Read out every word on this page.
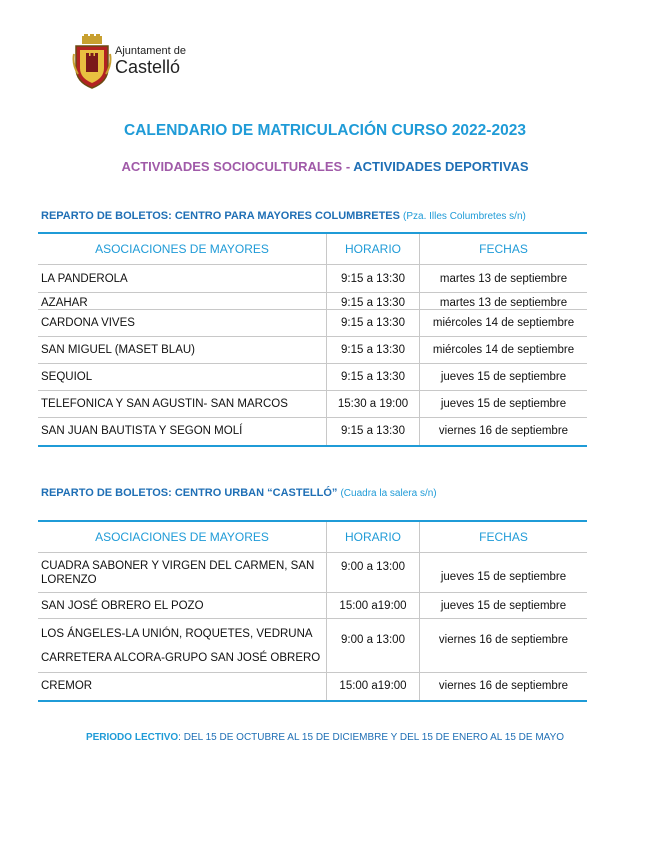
Ajuntament de
Castelló
CALENDARIO DE MATRICULACIÓN CURSO 2022-2023
ACTIVIDADES SOCIOCULTURALES - ACTIVIDADES DEPORTIVAS
REPARTO DE BOLETOS: CENTRO PARA MAYORES COLUMBRETES (Pza. Illes Columbretes s/n)
ASOCIACIONES DE MAYORES	HORARIO	FECHAS
LA PANDEROLA	9:15 a 13:30	martes 13 de septiembre

AZAHAR	9:15 a 13:30	martes 13 de septiembre

CARDONA VIVES	9:15 a 13:30	miércoles 14 de septiembre
SAN MIGUEL (MASET BLAU)	9:15 a 13:30	miércoles 14 de septiembre
SEQUIOL	9:15 a 13:30	jueves 15 de septiembre
TELEFONICA Y SAN AGUSTIN- SAN MARCOS	15:30 a 19:00	jueves 15 de septiembre
SAN JUAN BAUTISTA Y SEGON MOLÍ	9:15 a 13:30	viernes 16 de septiembre
REPARTO DE BOLETOS: CENTRO URBAN “CASTELLÓ” (Cuadra la salera s/n)
ASOCIACIONES DE MAYORES	HORARIO	FECHAS
CUADRA SABONER Y VIRGEN DEL CARMEN, SAN LORENZO	9:00 a 13:00	jueves 15 de septiembre
SAN JOSÉ OBRERO EL POZO	15:00 a19:00	jueves 15 de septiembre

LOS ÁNGELES-LA UNIÓN, ROQUETES, VEDRUNA
CARRETERA ALCORA-GRUPO SAN JOSÉ OBRERO	9:00 a 13:00	viernes 16 de septiembre
CREMOR	15:00 a19:00	viernes 16 de septiembre
PERIODO LECTIVO: DEL 15 DE OCTUBRE AL 15 DE DICIEMBRE Y DEL 15 DE ENERO AL 15 DE MAYO
